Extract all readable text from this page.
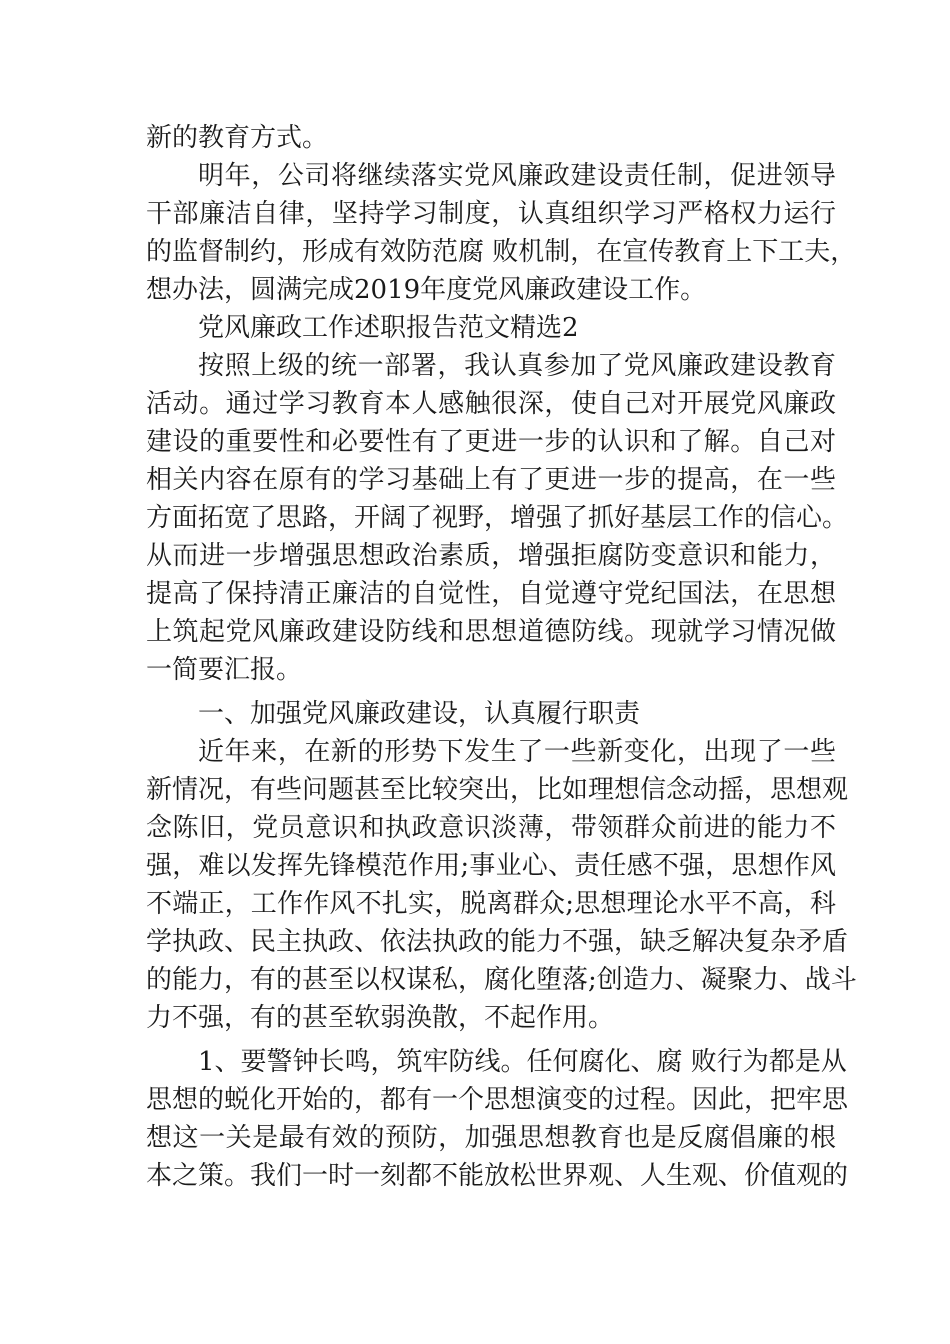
新的教育方式。

明年，公司将继续落实党风廉政建设责任制，促进领导

干部廉洁自律，坚持学习制度，认真组织学习严格权力运行

的监督制约，形成有效防范腐 败机制，在宣传教育上下工夫，

想办法，圆满完成2019年度党风廉政建设工作。

党风廉政工作述职报告范文精选2

按照上级的统一部署，我认真参加了党风廉政建设教育

活动。通过学习教育本人感触很深，使自己对开展党风廉政

建设的重要性和必要性有了更进一步的认识和了解。自己对

相关内容在原有的学习基础上有了更进一步的提高，在一些

方面拓宽了思路，开阔了视野，增强了抓好基层工作的信心。

从而进一步增强思想政治素质，增强拒腐防变意识和能力，

提高了保持清正廉洁的自觉性，自觉遵守党纪国法，在思想

上筑起党风廉政建设防线和思想道德防线。现就学习情况做

一简要汇报。

一、加强党风廉政建设，认真履行职责

近年来，在新的形势下发生了一些新变化，出现了一些

新情况，有些问题甚至比较突出，比如理想信念动摇，思想观

念陈旧，党员意识和执政意识淡薄，带领群众前进的能力不

强，难以发挥先锋模范作用;事业心、责任感不强，思想作风

不端正，工作作风不扎实，脱离群众;思想理论水平不高，科

学执政、民主执政、依法执政的能力不强，缺乏解决复杂矛盾

的能力，有的甚至以权谋私，腐化堕落;创造力、凝聚力、战斗

力不强，有的甚至软弱涣散，不起作用。

1、要警钟长鸣，筑牢防线。任何腐化、腐 败行为都是从

思想的蜕化开始的，都有一个思想演变的过程。因此，把牢思

想这一关是最有效的预防，加强思想教育也是反腐倡廉的根

本之策。我们一时一刻都不能放松世界观、人生观、价值观的
